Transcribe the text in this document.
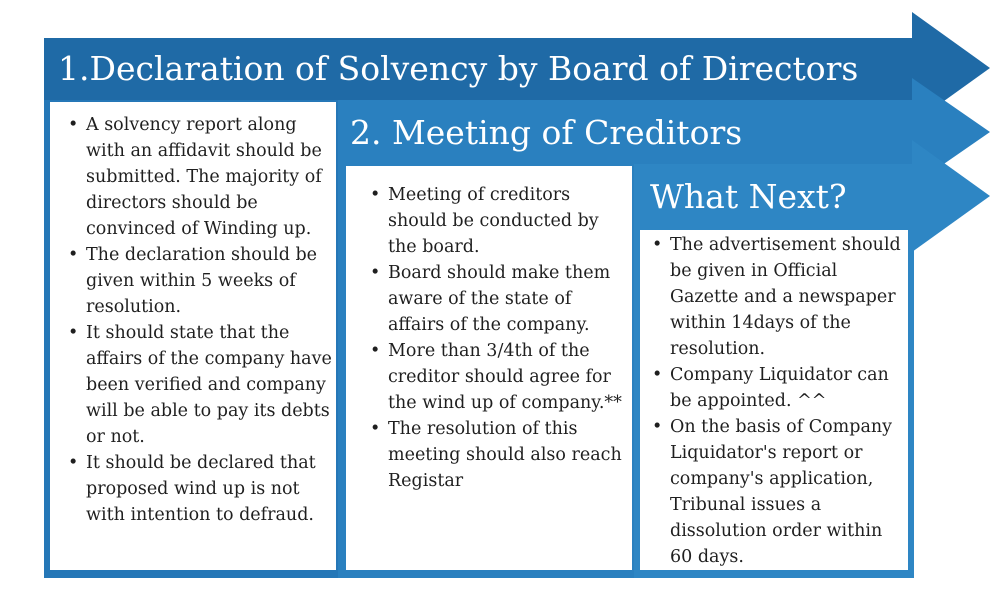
1.Declaration of Solvency by Board of Directors
2. Meeting of Creditors
What Next?
• A solvency report along with an affidavit should be submitted. The majority of directors should be convinced of Winding up.
• The declaration should be given within 5 weeks of resolution.
• It should state that the affairs of the company have been verified and company will be able to pay its debts or not.
• It should be declared that proposed wind up is not with intention to defraud.
• Meeting of creditors should be conducted by the board.
• Board should make them aware of the state of affairs of the company.
• More than 3/4th of the creditor should agree for the wind up of company.**
• The resolution of this meeting should also reach Registar
• The advertisement should be given in Official Gazette and a newspaper within 14days of the resolution.
• Company Liquidator can be appointed. ^^
• On the basis of Company Liquidator's report or company's application, Tribunal issues a dissolution order within 60 days.
